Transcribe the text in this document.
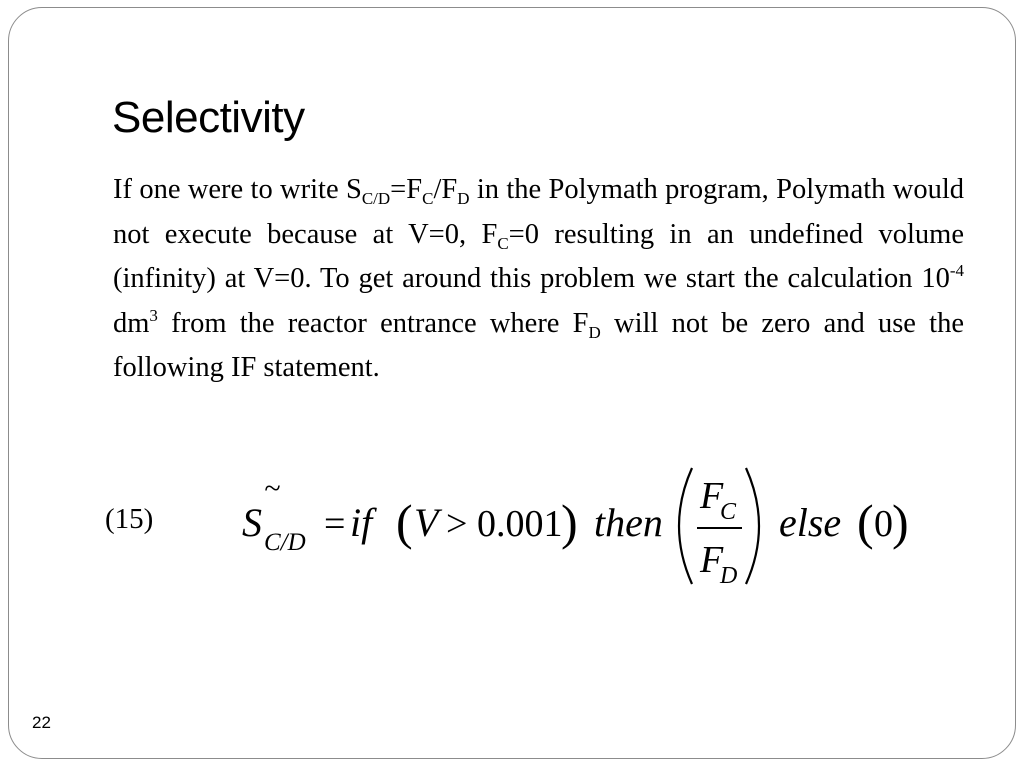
Selectivity

If one were to write $S_{C/D}=F_C/F_D$ in the Polymath program, Polymath would not execute because at V=0, $F_C=0$ resulting in an undefined volume (infinity) at V=0. To get around this problem we start the calculation $10^{-4}$ $dm^3$ from the reactor entrance where $F_D$ will not be zero and use the following IF statement.

(15)
~
S C/D = if ( V > 0.001
) then
F
C
F
D
else ( 0 )
22
